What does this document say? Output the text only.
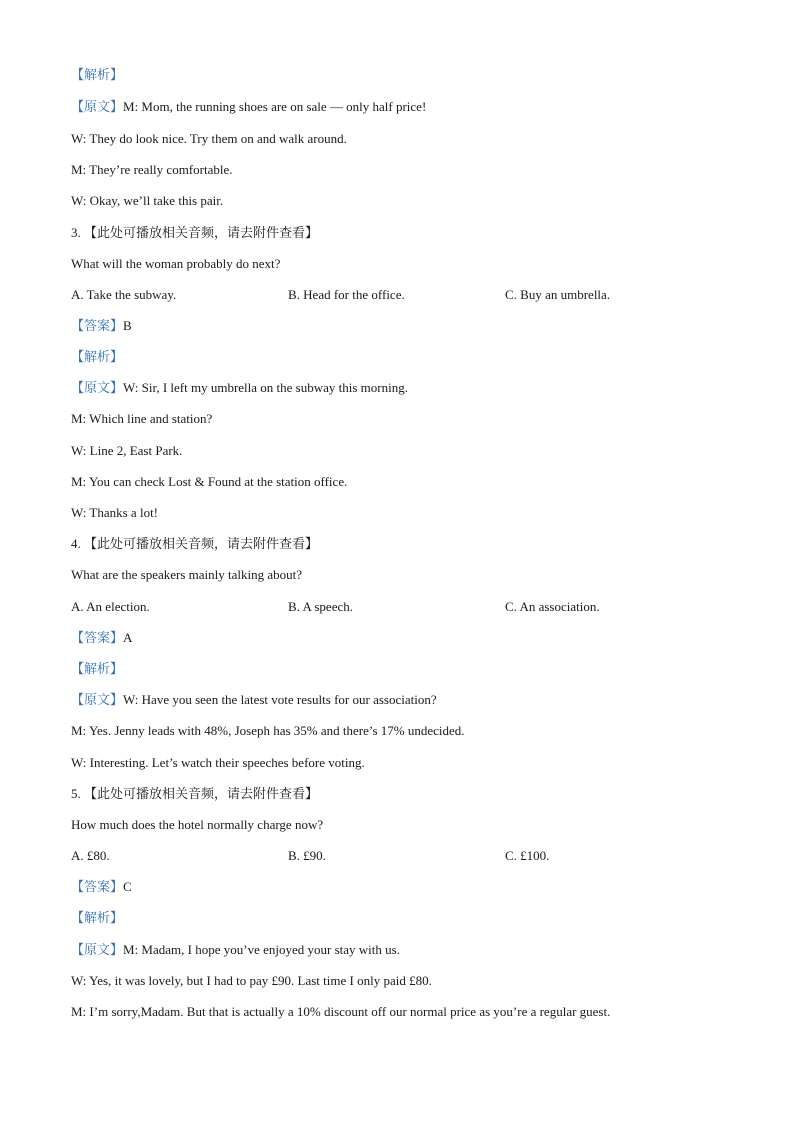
【解析】
【原文】M: Mom, the running shoes are on sale — only half price!
W: They do look nice. Try them on and walk around.
M: They’re really comfortable.
W: Okay, we’ll take this pair.
3. 【此处可播放相关音频，请去附件查看】
What will the woman probably do next?
A. Take the subway.	B. Head for the office.	C. Buy an umbrella.
【答案】B
【解析】
【原文】W: Sir, I left my umbrella on the subway this morning.
M: Which line and station?
W: Line 2, East Park.
M: You can check Lost & Found at the station office.
W: Thanks a lot!
4. 【此处可播放相关音频，请去附件查看】
What are the speakers mainly talking about?
A. An election.	B. A speech.	C. An association.
【答案】A
【解析】
【原文】W: Have you seen the latest vote results for our association?
M: Yes. Jenny leads with 48%, Joseph has 35% and there’s 17% undecided.
W: Interesting. Let’s watch their speeches before voting.
5. 【此处可播放相关音频，请去附件查看】
How much does the hotel normally charge now?
A. £80.	B. £90.	C. £100.
【答案】C
【解析】
【原文】M: Madam, I hope you’ve enjoyed your stay with us.
W: Yes, it was lovely, but I had to pay £90. Last time I only paid £80.
M: I’m sorry,Madam. But that is actually a 10% discount off our normal price as you’re a regular guest.
